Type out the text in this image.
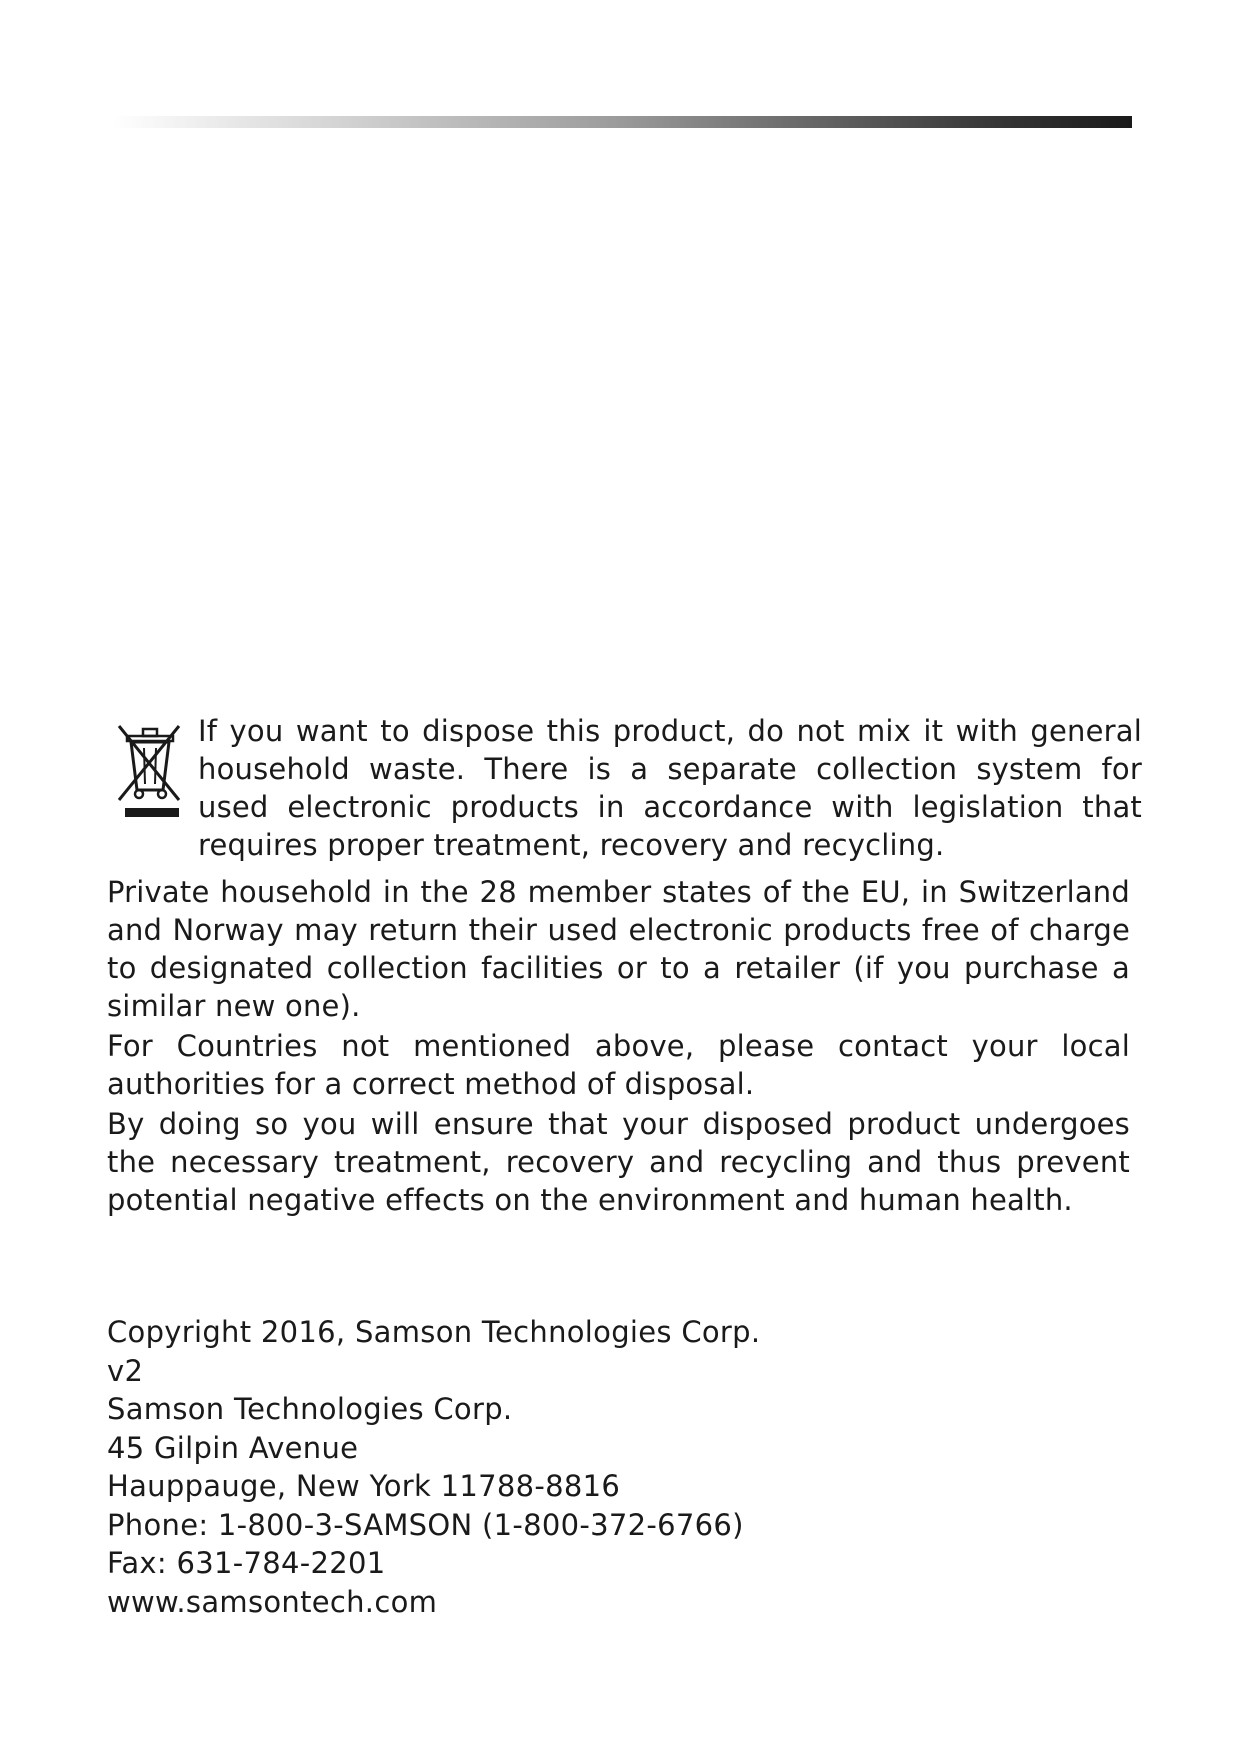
If you want to dispose this product, do not mix it with general household waste. There is a separate collection system for used electronic products in accordance with legislation that requires proper treatment, recovery and recycling.

Private household in the 28 member states of the EU, in Switzerland and Norway may return their used electronic products free of charge to designated collection facilities or to a retailer (if you purchase a similar new one).

For Countries not mentioned above, please contact your local authorities for a correct method of disposal.

By doing so you will ensure that your disposed product undergoes the necessary treatment, recovery and recycling and thus prevent potential negative effects on the environment and human health.

Copyright 2016, Samson Technologies Corp.
v2
Samson Technologies Corp.
45 Gilpin Avenue
Hauppauge, New York 11788-8816
Phone: 1-800-3-SAMSON (1-800-372-6766)
Fax: 631-784-2201
www.samsontech.com
